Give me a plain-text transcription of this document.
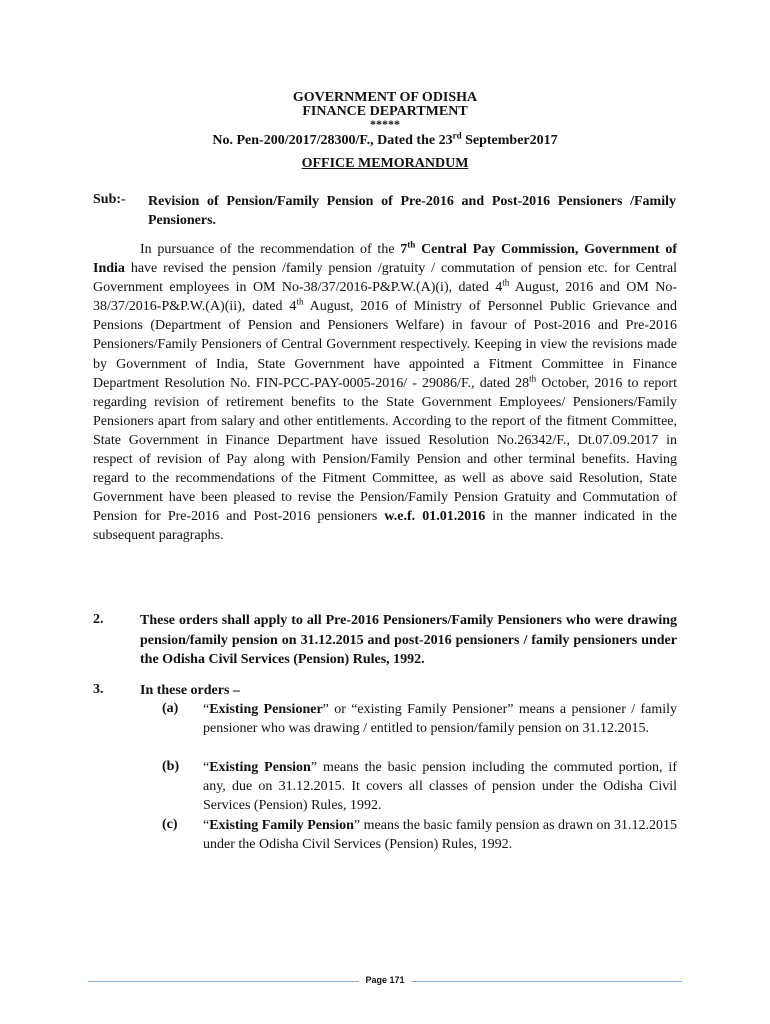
GOVERNMENT OF ODISHA
FINANCE DEPARTMENT
*****
No. Pen-200/2017/28300/F., Dated the 23rd September2017
OFFICE MEMORANDUM
Sub:- Revision of Pension/Family Pension of Pre-2016 and Post-2016 Pensioners /Family Pensioners.
In pursuance of the recommendation of the 7th Central Pay Commission, Government of India have revised the pension /family pension /gratuity / commutation of pension etc. for Central Government employees in OM No-38/37/2016-P&P.W.(A)(i), dated 4th August, 2016 and OM No-38/37/2016-P&P.W.(A)(ii), dated 4th August, 2016 of Ministry of Personnel Public Grievance and Pensions (Department of Pension and Pensioners Welfare) in favour of Post-2016 and Pre-2016 Pensioners/Family Pensioners of Central Government respectively. Keeping in view the revisions made by Government of India, State Government have appointed a Fitment Committee in Finance Department Resolution No. FIN-PCC-PAY-0005-2016/ - 29086/F., dated 28th October, 2016 to report regarding revision of retirement benefits to the State Government Employees/ Pensioners/Family Pensioners apart from salary and other entitlements. According to the report of the fitment Committee, State Government in Finance Department have issued Resolution No.26342/F., Dt.07.09.2017 in respect of revision of Pay along with Pension/Family Pension and other terminal benefits. Having regard to the recommendations of the Fitment Committee, as well as above said Resolution, State Government have been pleased to revise the Pension/Family Pension Gratuity and Commutation of Pension for Pre-2016 and Post-2016 pensioners w.e.f. 01.01.2016 in the manner indicated in the subsequent paragraphs.
2.	These orders shall apply to all Pre-2016 Pensioners/Family Pensioners who were drawing pension/family pension on 31.12.2015 and post-2016 pensioners / family pensioners under the Odisha Civil Services (Pension) Rules, 1992.
3.	In these orders –
(a) “Existing Pensioner” or “existing Family Pensioner” means a pensioner / family pensioner who was drawing / entitled to pension/family pension on 31.12.2015.
(b) “Existing Pension” means the basic pension including the commuted portion, if any, due on 31.12.2015. It covers all classes of pension under the Odisha Civil Services (Pension) Rules, 1992.
(c) “Existing Family Pension” means the basic family pension as drawn on 31.12.2015 under the Odisha Civil Services (Pension) Rules, 1992.
Page 171
